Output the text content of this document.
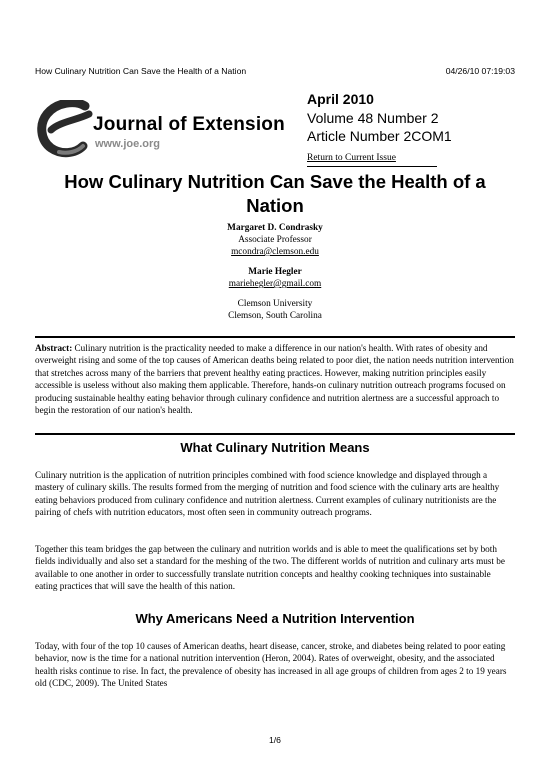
How Culinary Nutrition Can Save the Health of a Nation	04/26/10 07:19:03
Journal of Extension
www.joe.org
April 2010
Volume 48 Number 2
Article Number 2COM1
Return to Current Issue
How Culinary Nutrition Can Save the Health of a
Nation
Margaret D. Condrasky
Associate Professor
mcondra@clemson.edu
Marie Hegler
mariehegler@gmail.com
Clemson University
Clemson, South Carolina
Abstract: Culinary nutrition is the practicality needed to make a difference in our nation's health. With rates of obesity and overweight rising and some of the top causes of American deaths being related to poor diet, the nation needs nutrition intervention that stretches across many of the barriers that prevent healthy eating practices. However, making nutrition principles easily accessible is useless without also making them applicable. Therefore, hands-on culinary nutrition outreach programs focused on producing sustainable healthy eating behavior through culinary confidence and nutrition alertness are a successful approach to begin the restoration of our nation's health.
What Culinary Nutrition Means
Culinary nutrition is the application of nutrition principles combined with food science knowledge and displayed through a mastery of culinary skills. The results formed from the merging of nutrition and food science with the culinary arts are healthy eating behaviors produced from culinary confidence and nutrition alertness. Current examples of culinary nutritionists are the pairing of chefs with nutrition educators, most often seen in community outreach programs.
Together this team bridges the gap between the culinary and nutrition worlds and is able to meet the qualifications set by both fields individually and also set a standard for the meshing of the two. The different worlds of nutrition and culinary arts must be available to one another in order to successfully translate nutrition concepts and healthy cooking techniques into sustainable eating practices that will save the health of this nation.
Why Americans Need a Nutrition Intervention
Today, with four of the top 10 causes of American deaths, heart disease, cancer, stroke, and diabetes being related to poor eating behavior, now is the time for a national nutrition intervention (Heron, 2004). Rates of overweight, obesity, and the associated health risks continue to rise. In fact, the prevalence of obesity has increased in all age groups of children from ages 2 to 19 years old (CDC, 2009). The United States
1/6
